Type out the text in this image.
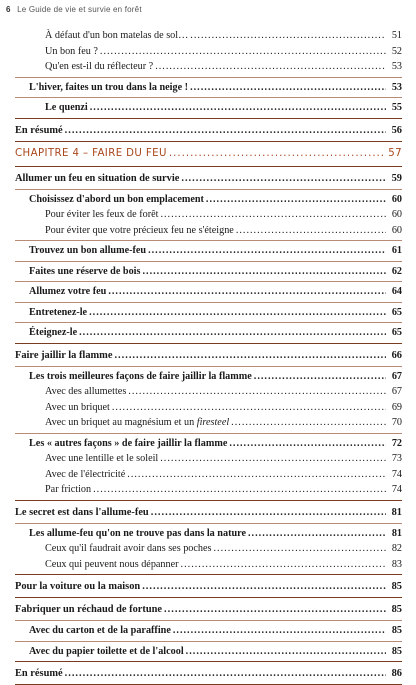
6 Le Guide de vie et survie en forêt
À défaut d'un bon matelas de sol… .....	51
Un bon feu ? .....	52
Qu'en est-il du réflecteur ? .....	53
L'hiver, faites un trou dans la neige ! .....	53
Le quenzi .....	55
En résumé .....	56
CHAPITRE 4 – FAIRE DU FEU .....	57
Allumer un feu en situation de survie .....	59
Choisissez d'abord un bon emplacement .....	60
Pour éviter les feux de forêt .....	60
Pour éviter que votre précieux feu ne s'éteigne .....	60
Trouvez un bon allume-feu .....	61
Faites une réserve de bois .....	62
Allumez votre feu .....	64
Entretenez-le .....	65
Éteignez-le .....	65
Faire jaillir la flamme .....	66
Les trois meilleures façons de faire jaillir la flamme .....	67
Avec des allumettes .....	67
Avec un briquet .....	69
Avec un briquet au magnésium et un firesteel .....	70
Les « autres façons » de faire jaillir la flamme .....	72
Avec une lentille et le soleil .....	73
Avec de l'électricité .....	74
Par friction .....	74
Le secret est dans l'allume-feu .....	81
Les allume-feu qu'on ne trouve pas dans la nature .....	81
Ceux qu'il faudrait avoir dans ses poches .....	82
Ceux qui peuvent nous dépanner .....	83
Pour la voiture ou la maison .....	85
Fabriquer un réchaud de fortune .....	85
Avec du carton et de la paraffine .....	85
Avec du papier toilette et de l'alcool .....	85
En résumé .....	86
